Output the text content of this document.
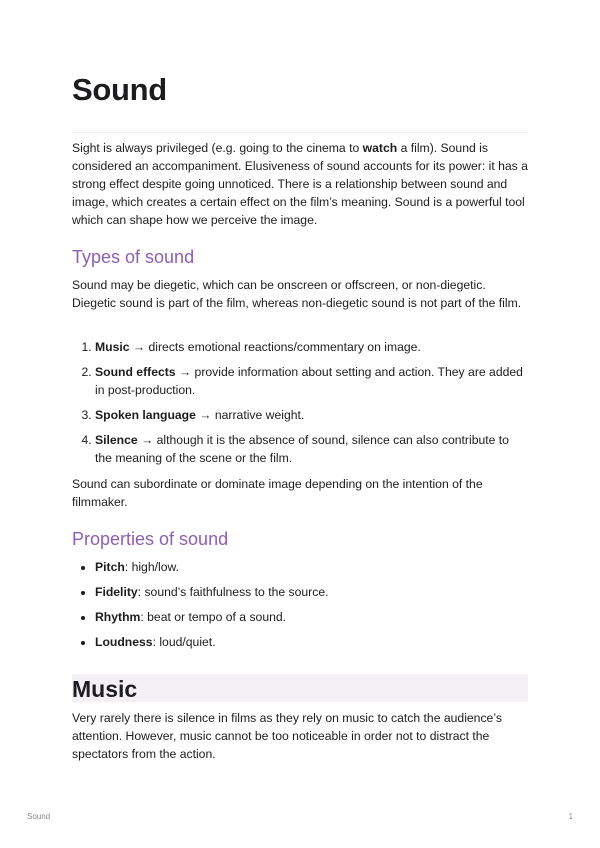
Sound

Sight is always privileged (e.g. going to the cinema to watch a film). Sound is considered an accompaniment. Elusiveness of sound accounts for its power: it has a strong effect despite going unnoticed. There is a relationship between sound and image, which creates a certain effect on the film’s meaning. Sound is a powerful tool which can shape how we perceive the image.

Types of sound

Sound may be diegetic, which can be onscreen or offscreen, or non-diegetic. Diegetic sound is part of the film, whereas non-diegetic sound is not part of the film.

1. Music → directs emotional reactions/commentary on image.
2. Sound effects → provide information about setting and action. They are added in post-production.
3. Spoken language → narrative weight.
4. Silence → although it is the absence of sound, silence can also contribute to the meaning of the scene or the film.

Sound can subordinate or dominate image depending on the intention of the filmmaker.

Properties of sound
• Pitch: high/low.
• Fidelity: sound’s faithfulness to the source.
• Rhythm: beat or tempo of a sound.
• Loudness: loud/quiet.
Music

Very rarely there is silence in films as they rely on music to catch the audience’s attention. However, music cannot be too noticeable in order not to distract the spectators from the action.

Sound	1
